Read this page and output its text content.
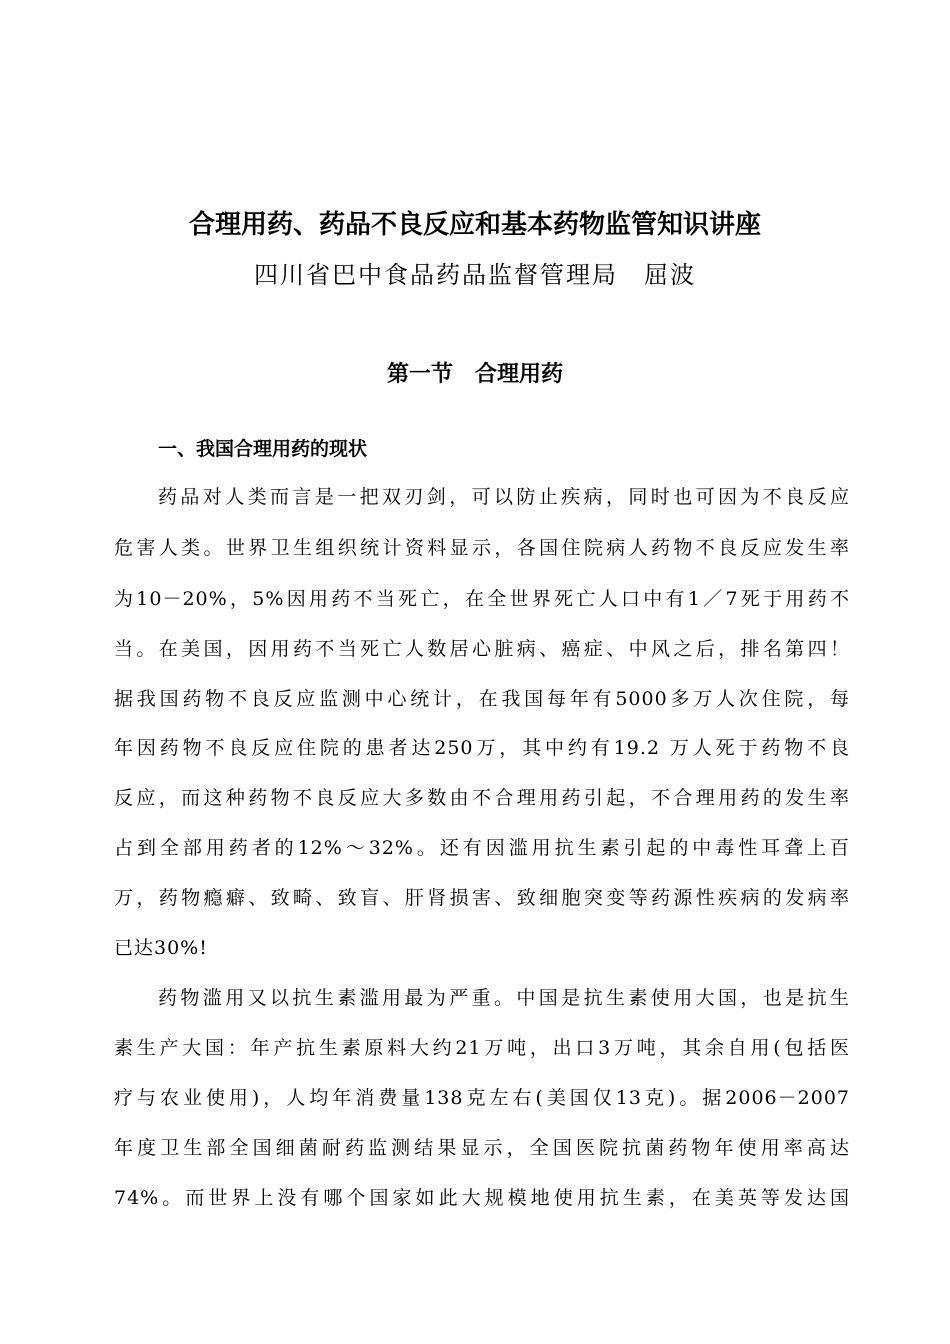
合理用药、药品不良反应和基本药物监管知识讲座
四川省巴中食品药品监督管理局　屈波
第一节　合理用药
一、我国合理用药的现状
药品对人类而言是一把双刃剑，可以防止疾病，同时也可因为不良反应
危害人类。世界卫生组织统计资料显示，各国住院病人药物不良反应发生率
为10－20%，5%因用药不当死亡，在全世界死亡人口中有1／7死于用药不
当。在美国，因用药不当死亡人数居心脏病、癌症、中风之后，排名第四！
据我国药物不良反应监测中心统计，在我国每年有5000多万人次住院，每
年因药物不良反应住院的患者达250万，其中约有19.2 万人死于药物不良
反应，而这种药物不良反应大多数由不合理用药引起，不合理用药的发生率
占到全部用药者的12%～32%。还有因滥用抗生素引起的中毒性耳聋上百
万，药物瘾癖、致畸、致盲、肝肾损害、致细胞突变等药源性疾病的发病率
已达30%!
药物滥用又以抗生素滥用最为严重。中国是抗生素使用大国，也是抗生
素生产大国：年产抗生素原料大约21万吨，出口3万吨，其余自用(包括医
疗与农业使用)，人均年消费量138克左右(美国仅13克)。据2006－2007
年度卫生部全国细菌耐药监测结果显示，全国医院抗菌药物年使用率高达
74%。而世界上没有哪个国家如此大规模地使用抗生素，在美英等发达国
